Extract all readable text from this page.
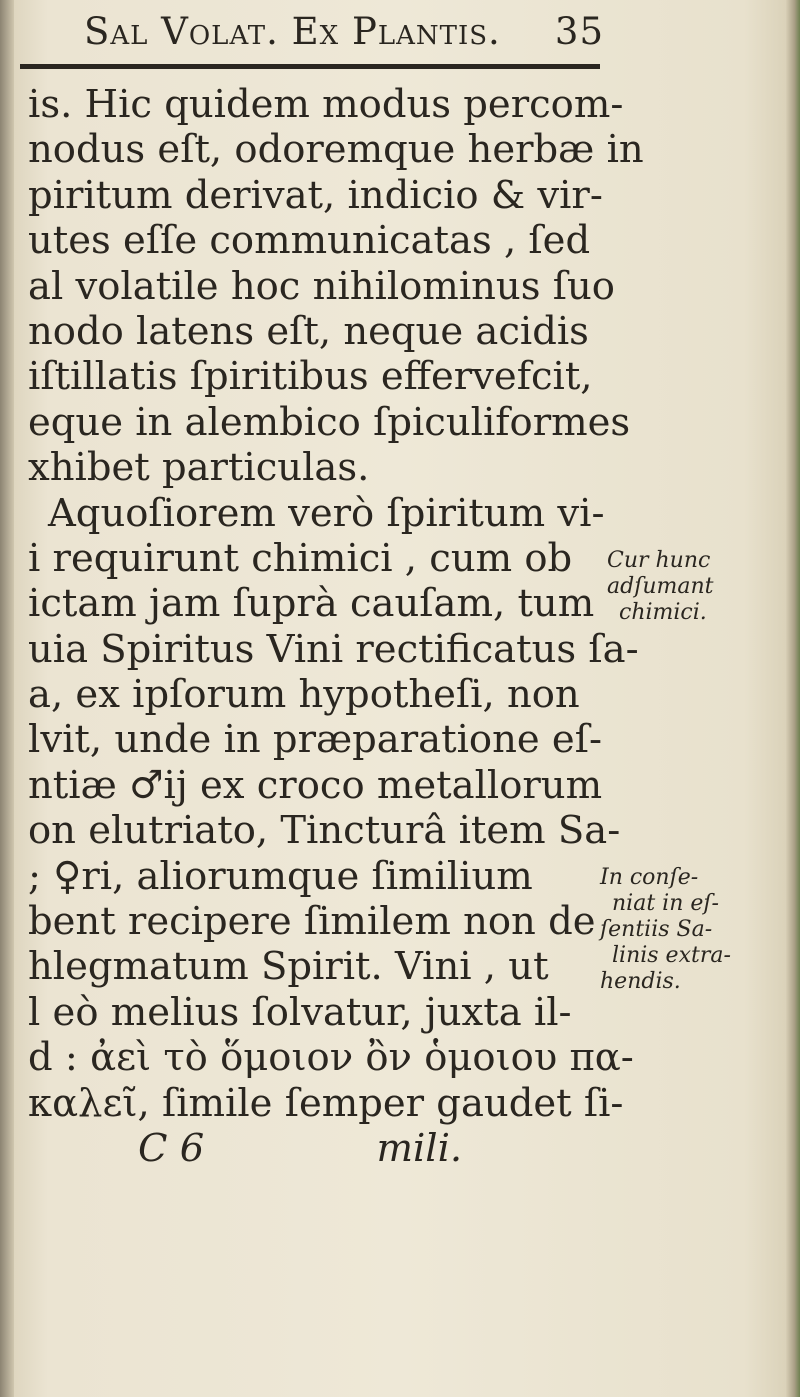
Sal Volat. Ex Plantis. 35
is. Hic quidem modus percom-
nodus eſt, odoremque herbæ in
piritum derivat, indicio & vir-
utes eſſe communicatas , ſed
al volatile hoc nihilominus ſuo
nodo latens eſt, neque acidis
iſtillatis ſpiritibus effervefcit,
eque in alembico ſpiculiformes
xhibet particulas.
Aquoſiorem verò ſpiritum vi-
i requirunt chimici , cum ob
ictam jam ſuprà cauſam, tum
uia Spiritus Vini rectificatus ſa-
a, ex ipſorum hypotheſi, non
lvit, unde in præparatione eſ-
ntiæ ♂ij ex croco metallorum
on elutriato, Tincturâ item Sa-
; ♀ri, aliorumque ſimilium
bent recipere ſimilem non de
hlegmatum Spirit. Vini , ut
l eò melius ſolvatur, juxta il-
d : ἀεὶ τὸ ὅμοιον ὂν ὁμοιου πα-
καλεῖ, ſimile ſemper gaudet ſi-
C 6	mili.
Cur hunc
adſumant
chimici.
In conſe-
niat in eſ-
ſentiis Sa-
linis extra-
hendis.
